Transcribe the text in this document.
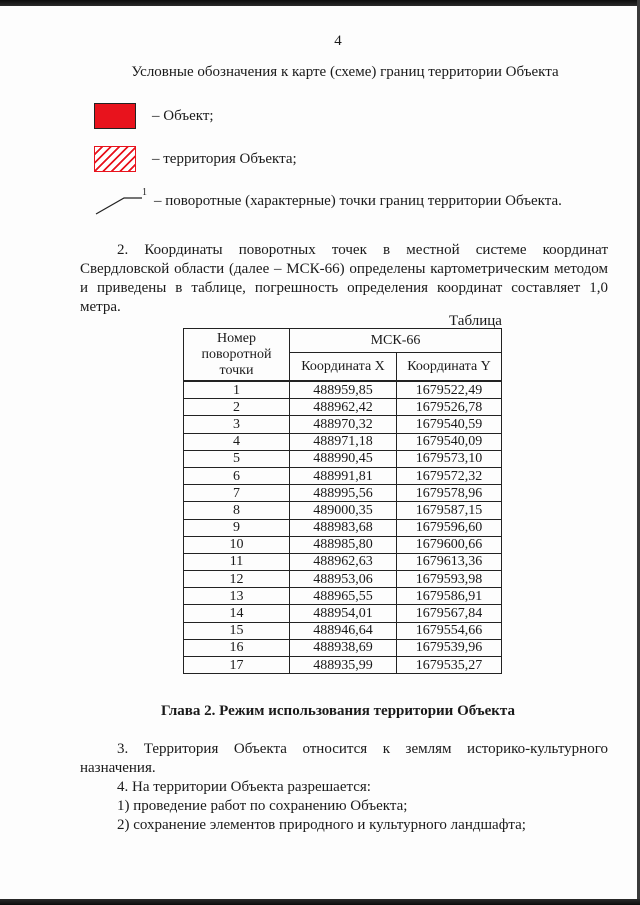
4
Условные обозначения к карте (схеме) границ территории Объекта
– Объект;
– территория Объекта;
1 – поворотные (характерные) точки границ территории Объекта.
2. Координаты поворотных точек в местной системе координат
Свердловской области (далее – МСК-66) определены картометрическим методом
и приведены в таблице, погрешность определения координат составляет 1,0 метра.
Таблица
Номер поворотной точки	МСК-66	
	Координата X	Координата Y
1	488959,85	1679522,49
2	488962,42	1679526,78
3	488970,32	1679540,59
4	488971,18	1679540,09
5	488990,45	1679573,10
6	488991,81	1679572,32
7	488995,56	1679578,96
8	489000,35	1679587,15
9	488983,68	1679596,60
10	488985,80	1679600,66
11	488962,63	1679613,36
12	488953,06	1679593,98
13	488965,55	1679586,91
14	488954,01	1679567,84
15	488946,64	1679554,66
16	488938,69	1679539,96
17	488935,99	1679535,27
Глава 2. Режим использования территории Объекта
3. Территория Объекта относится к землям историко-культурного
назначения.
4. На территории Объекта разрешается:
1) проведение работ по сохранению Объекта;
2) сохранение элементов природного и культурного ландшафта;
